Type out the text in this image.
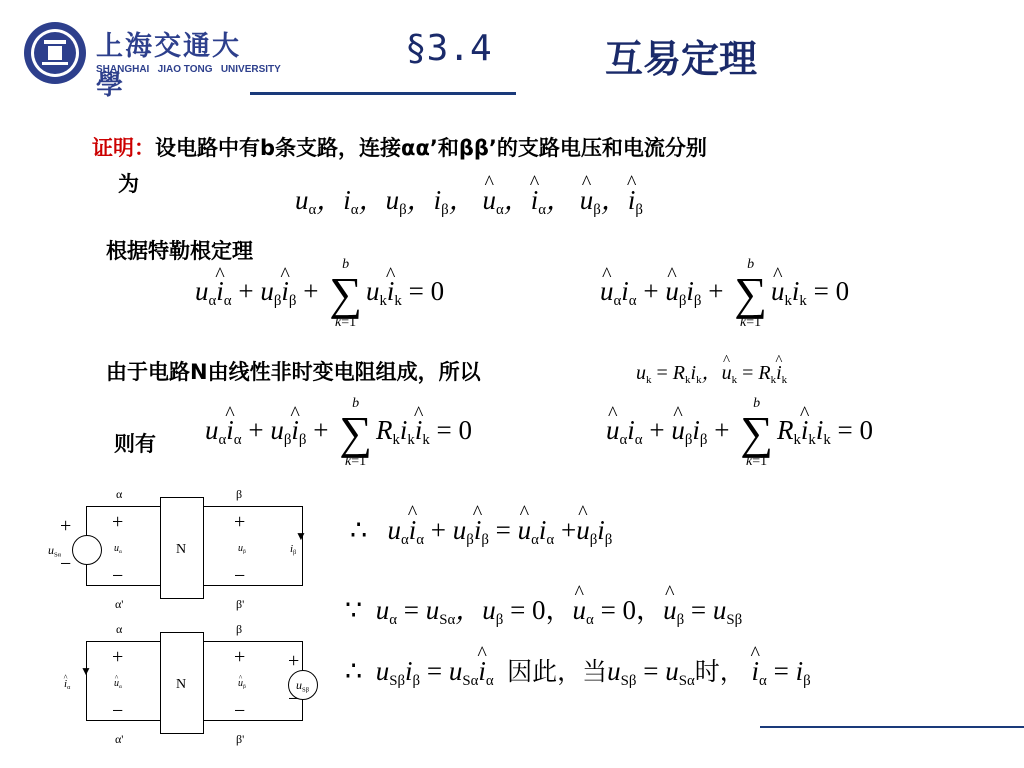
上海交通大學
SHANGHAI   JIAO TONG   UNIVERSITY
§3.4	互易定理
证明：设电路中有b条支路，连接αα’和ββ’的支路电压和电流分别
为
$u_\alpha$，$i_\alpha$，$u_\beta$，$i_\beta$， ^ $u_\alpha$，^ $i_\alpha$， ^ $u_\beta$，^ $i_\beta$
根据特勒根定理
$u_\alpha\^{}$ $i_\alpha$ + $u_\beta\^{}$ $i_\beta$ +
b
∑
k=1
$u_k\^{}$ $i_k = 0$	^ $u_\alpha i_\alpha$ + ^ $u_\beta i_\beta$ +
b
∑
k=1
^ $u_ki_k = 0$
由于电路N由线性非时变电阻组成，所以	$u_k = R_ki_k$，^ $u_k$ = $R_k\^{}$ $i_k$
则有 $u_\alpha\^{}$ $i_\alpha$ + $u_\beta\^{}$ $i_\beta$ +
b
∑
k=1
$R_ki_k\^{}$ $i_k = 0$	^ $u_\alpha i_\alpha$ + ^ $u_\beta i_\beta$ +
b
∑
k=1
$R_k\^{}$ $i_ki_k = 0$
∴   $u_\alpha\^{}$ $i_\alpha$ + $u_\beta\^{}$ $i_\beta$ = ^ $u_\alpha i_\alpha$ +^ $u_\beta i_\beta$
∵  $u_\alpha = u_{S\alpha}$，$u_\beta = 0$，^ $u_\alpha = 0$，^ $u_\beta = u_{S\beta}$
∴  $u_{S\beta}i_\beta$ = $u_{S\alpha}\^{}$ $i_\alpha$ 因此，当$u_{S\beta} = u_{S\alpha}$时， ^ $i_\alpha = i_\beta$
N
+
−
$u_{S\alpha}$
α
α'
β
β'
+
−
+
−
$u_\alpha$	$u_\beta$
▼
$i_\beta$
N
+
−
$u_{S\beta}$
α
α'
β
β'
+
−
+
−
^ $u_\alpha$	^ $u_\beta$
▼
^ $i_\alpha$
